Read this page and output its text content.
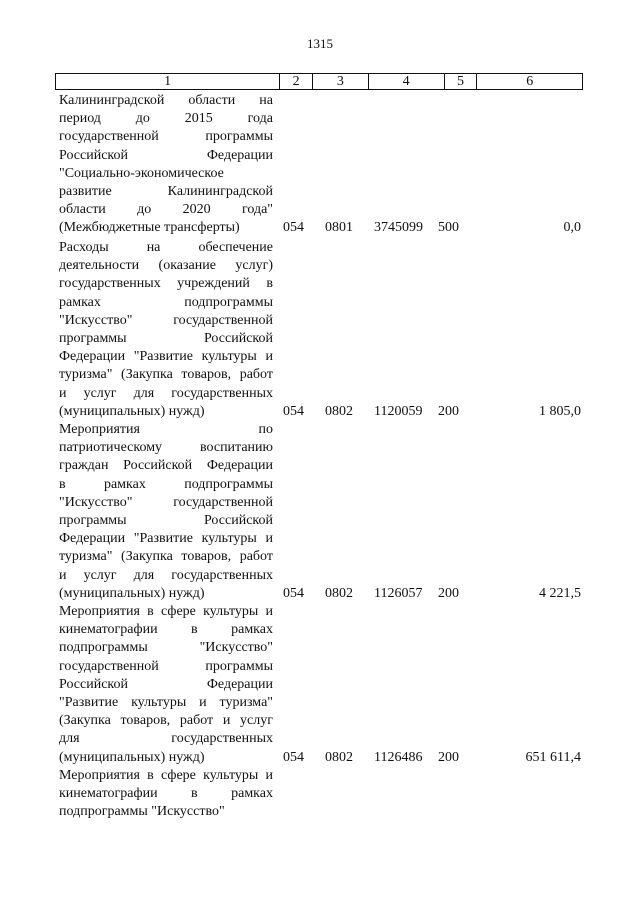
1315
1	2	3	4	5	6
Калининградской области на
период до 2015 года
государственной программы
Российской Федерации
"Социально-экономическое
развитие Калининградской
области до 2020 года"
(Межбюджетные трансферты)	054 0801 3745099 500	0,0
Расходы на обеспечение
деятельности (оказание услуг)
государственных учреждений в
рамках подпрограммы
"Искусство" государственной
программы Российской
Федерации "Развитие культуры и
туризма" (Закупка товаров, работ
и услуг для государственных
(муниципальных) нужд)	054 0802 1120059 200	1 805,0
Мероприятия по
патриотическому воспитанию
граждан Российской Федерации
в рамках подпрограммы
"Искусство" государственной
программы Российской
Федерации "Развитие культуры и
туризма" (Закупка товаров, работ
и услуг для государственных
(муниципальных) нужд)	054 0802 1126057 200	4 221,5
Мероприятия в сфере культуры и
кинематографии в рамках
подпрограммы "Искусство"
государственной программы
Российской Федерации
"Развитие культуры и туризма"
(Закупка товаров, работ и услуг
для государственных
(муниципальных) нужд)	054 0802 1126486 200	651 611,4
Мероприятия в сфере культуры и
кинематографии в рамках
подпрограммы "Искусство"
